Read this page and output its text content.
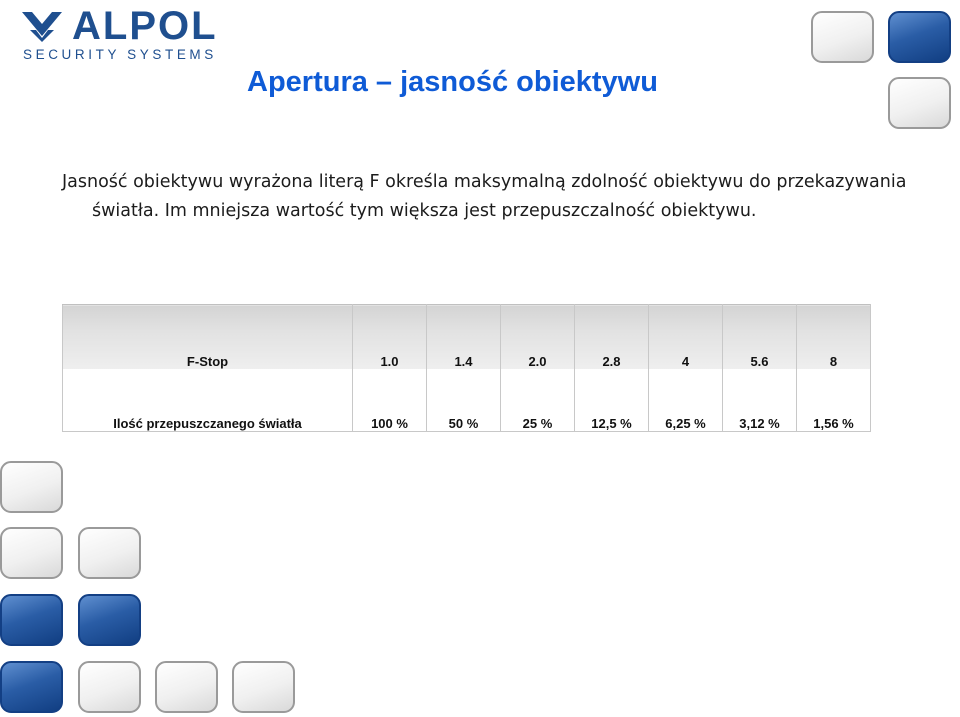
ALPOL
SECURITY SYSTEMS
Apertura – jasność obiektywu

Jasność obiektywu wyrażona literą F określa maksymalną zdolność obiektywu do przekazywania światła. Im mniejsza wartość tym większa jest przepuszczalność obiektywu.

F-Stop	1.0	1.4	2.0	2.8	4	5.6	8
Ilość przepuszczanego światła	100 %	50 %	25 %	12,5 %	6,25 %	3,12 %	1,56 %
